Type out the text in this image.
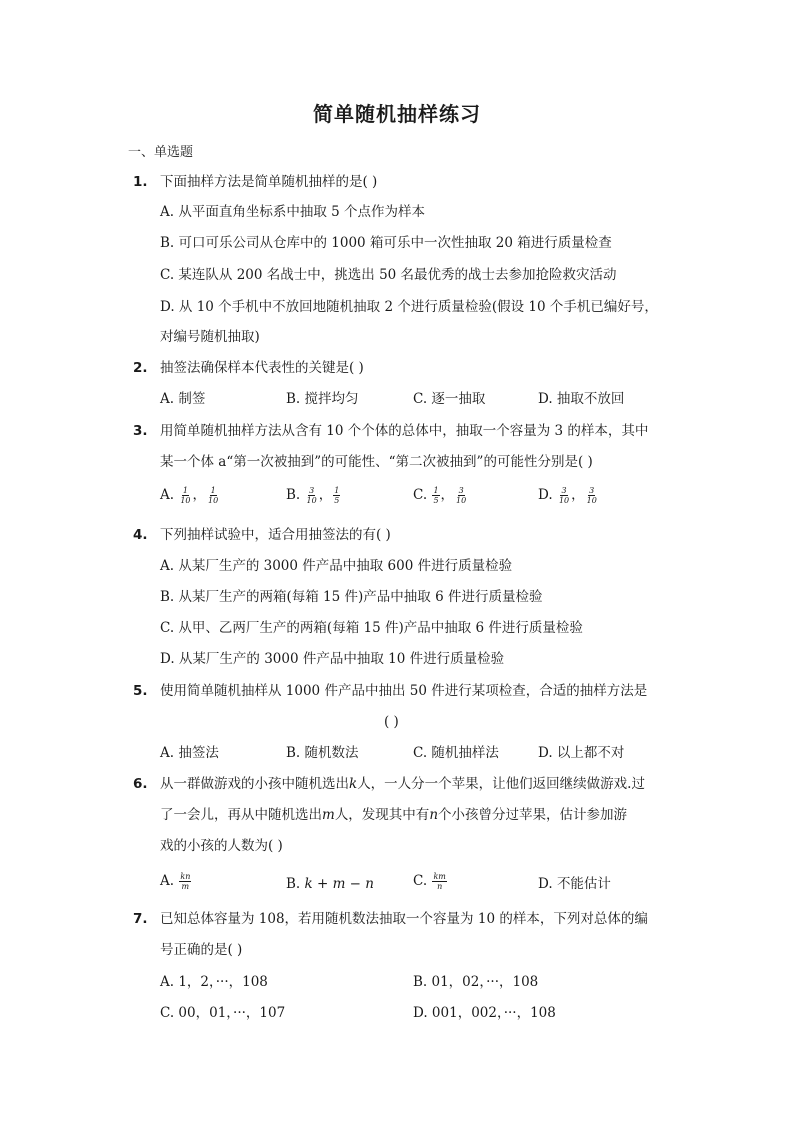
简单随机抽样练习
一、单选题
1. 下面抽样方法是简单随机抽样的是( )
A. 从平面直角坐标系中抽取 5 个点作为样本
B. 可口可乐公司从仓库中的 1000 箱可乐中一次性抽取 20 箱进行质量检查
C. 某连队从 200 名战士中，挑选出 50 名最优秀的战士去参加抢险救灾活动
D. 从 10 个手机中不放回地随机抽取 2 个进行质量检验(假设 10 个手机已编好号，
对编号随机抽取)
2. 抽签法确保样本代表性的关键是( )
A. 制签	B. 搅拌均匀	C. 逐一抽取	D. 抽取不放回
3. 用简单随机抽样方法从含有 10 个个体的总体中，抽取一个容量为 3 的样本，其中
某一个体 a“第一次被抽到”的可能性、“第二次被抽到”的可能性分别是( )
A. $\frac{1}{10}$ ， $\frac{1}{10}$	B. $\frac{3}{10}$ ， $\frac{1}{5}$	C. $\frac{1}{5}$ ， $\frac{3}{10}$	D. $\frac{3}{10}$ ， $\frac{3}{10}$
4. 下列抽样试验中，适合用抽签法的有( )
A. 从某厂生产的 3000 件产品中抽取 600 件进行质量检验
B. 从某厂生产的两箱(每箱 15 件)产品中抽取 6 件进行质量检验
C. 从甲、乙两厂生产的两箱(每箱 15 件)产品中抽取 6 件进行质量检验
D. 从某厂生产的 3000 件产品中抽取 10 件进行质量检验
5. 使用简单随机抽样从 1000 件产品中抽出 50 件进行某项检查，合适的抽样方法是
( )
A. 抽签法	B. 随机数法	C. 随机抽样法	D. 以上都不对
6. 从一群做游戏的小孩中随机选出k人，一人分一个苹果，让他们返回继续做游戏.过
了一会儿，再从中随机选出m人，发现其中有n个小孩曾分过苹果，估计参加游
戏的小孩的人数为( )
A. $\frac{kn}{m}$	B. k + m − n	C. $\frac{km}{n}$	D. 不能估计
7. 已知总体容量为 108，若用随机数法抽取一个容量为 10 的样本，下列对总体的编
号正确的是( )
A. 1，2，···，108	B. 01，02，···，108
C. 00，01，···，107	D. 001，002，···，108
